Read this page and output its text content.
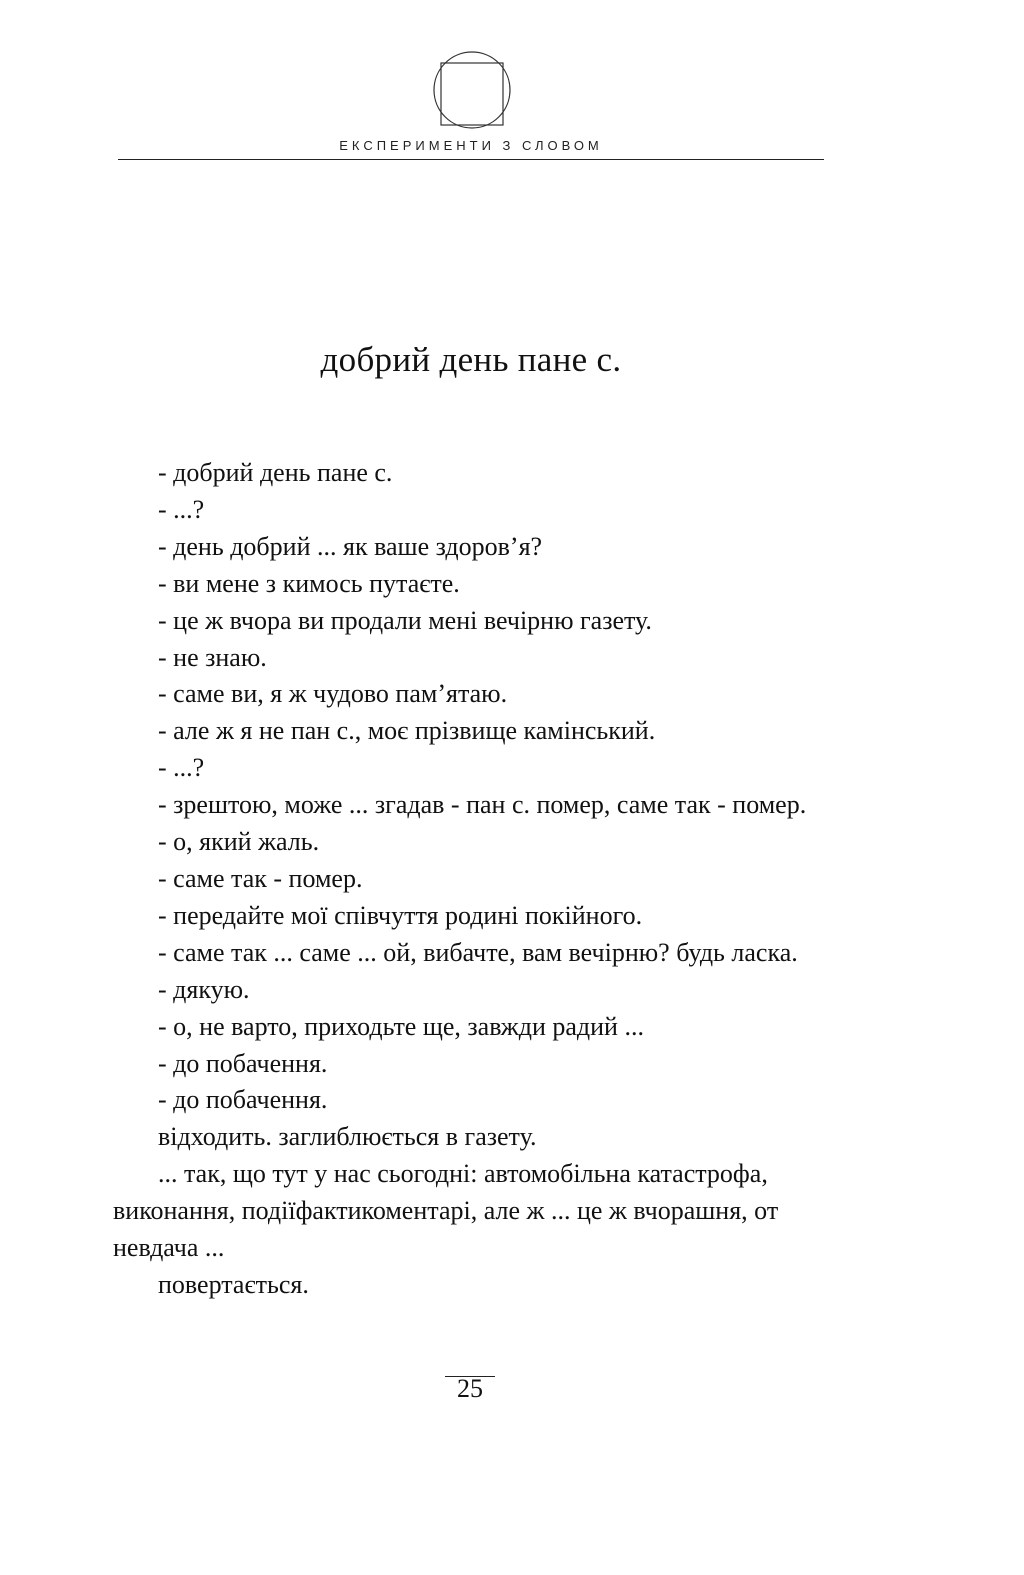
ЕКСПЕРИМЕНТИ З СЛОВОМ
добрий день пане с.

- добрий день пане с.

- ...?

- день добрий ... як ваше здоров’я?

- ви мене з кимось путаєте.

- це ж вчора ви продали мені вечірню газету.

- не знаю.

- саме ви, я ж чудово пам’ятаю.

- але ж я не пан с., моє прізвище камінський.

- ...?

- зрештою, може ... згадав - пан с. помер, саме так - помер.

- о, який жаль.

- саме так - помер.

- передайте мої співчуття родині покійного.

- саме так ... саме ... ой, вибачте, вам вечірню? будь ласка.

- дякую.

- о, не варто, приходьте ще, завжди радий ...

- до побачення.

- до побачення.

відходить. заглиблюється в газету.

... так, що тут у нас сьогодні: автомобільна катастрофа, виконання, подіїфактикоментарі, але ж ... це ж вчорашня, от невдача ...

повертається.

25
